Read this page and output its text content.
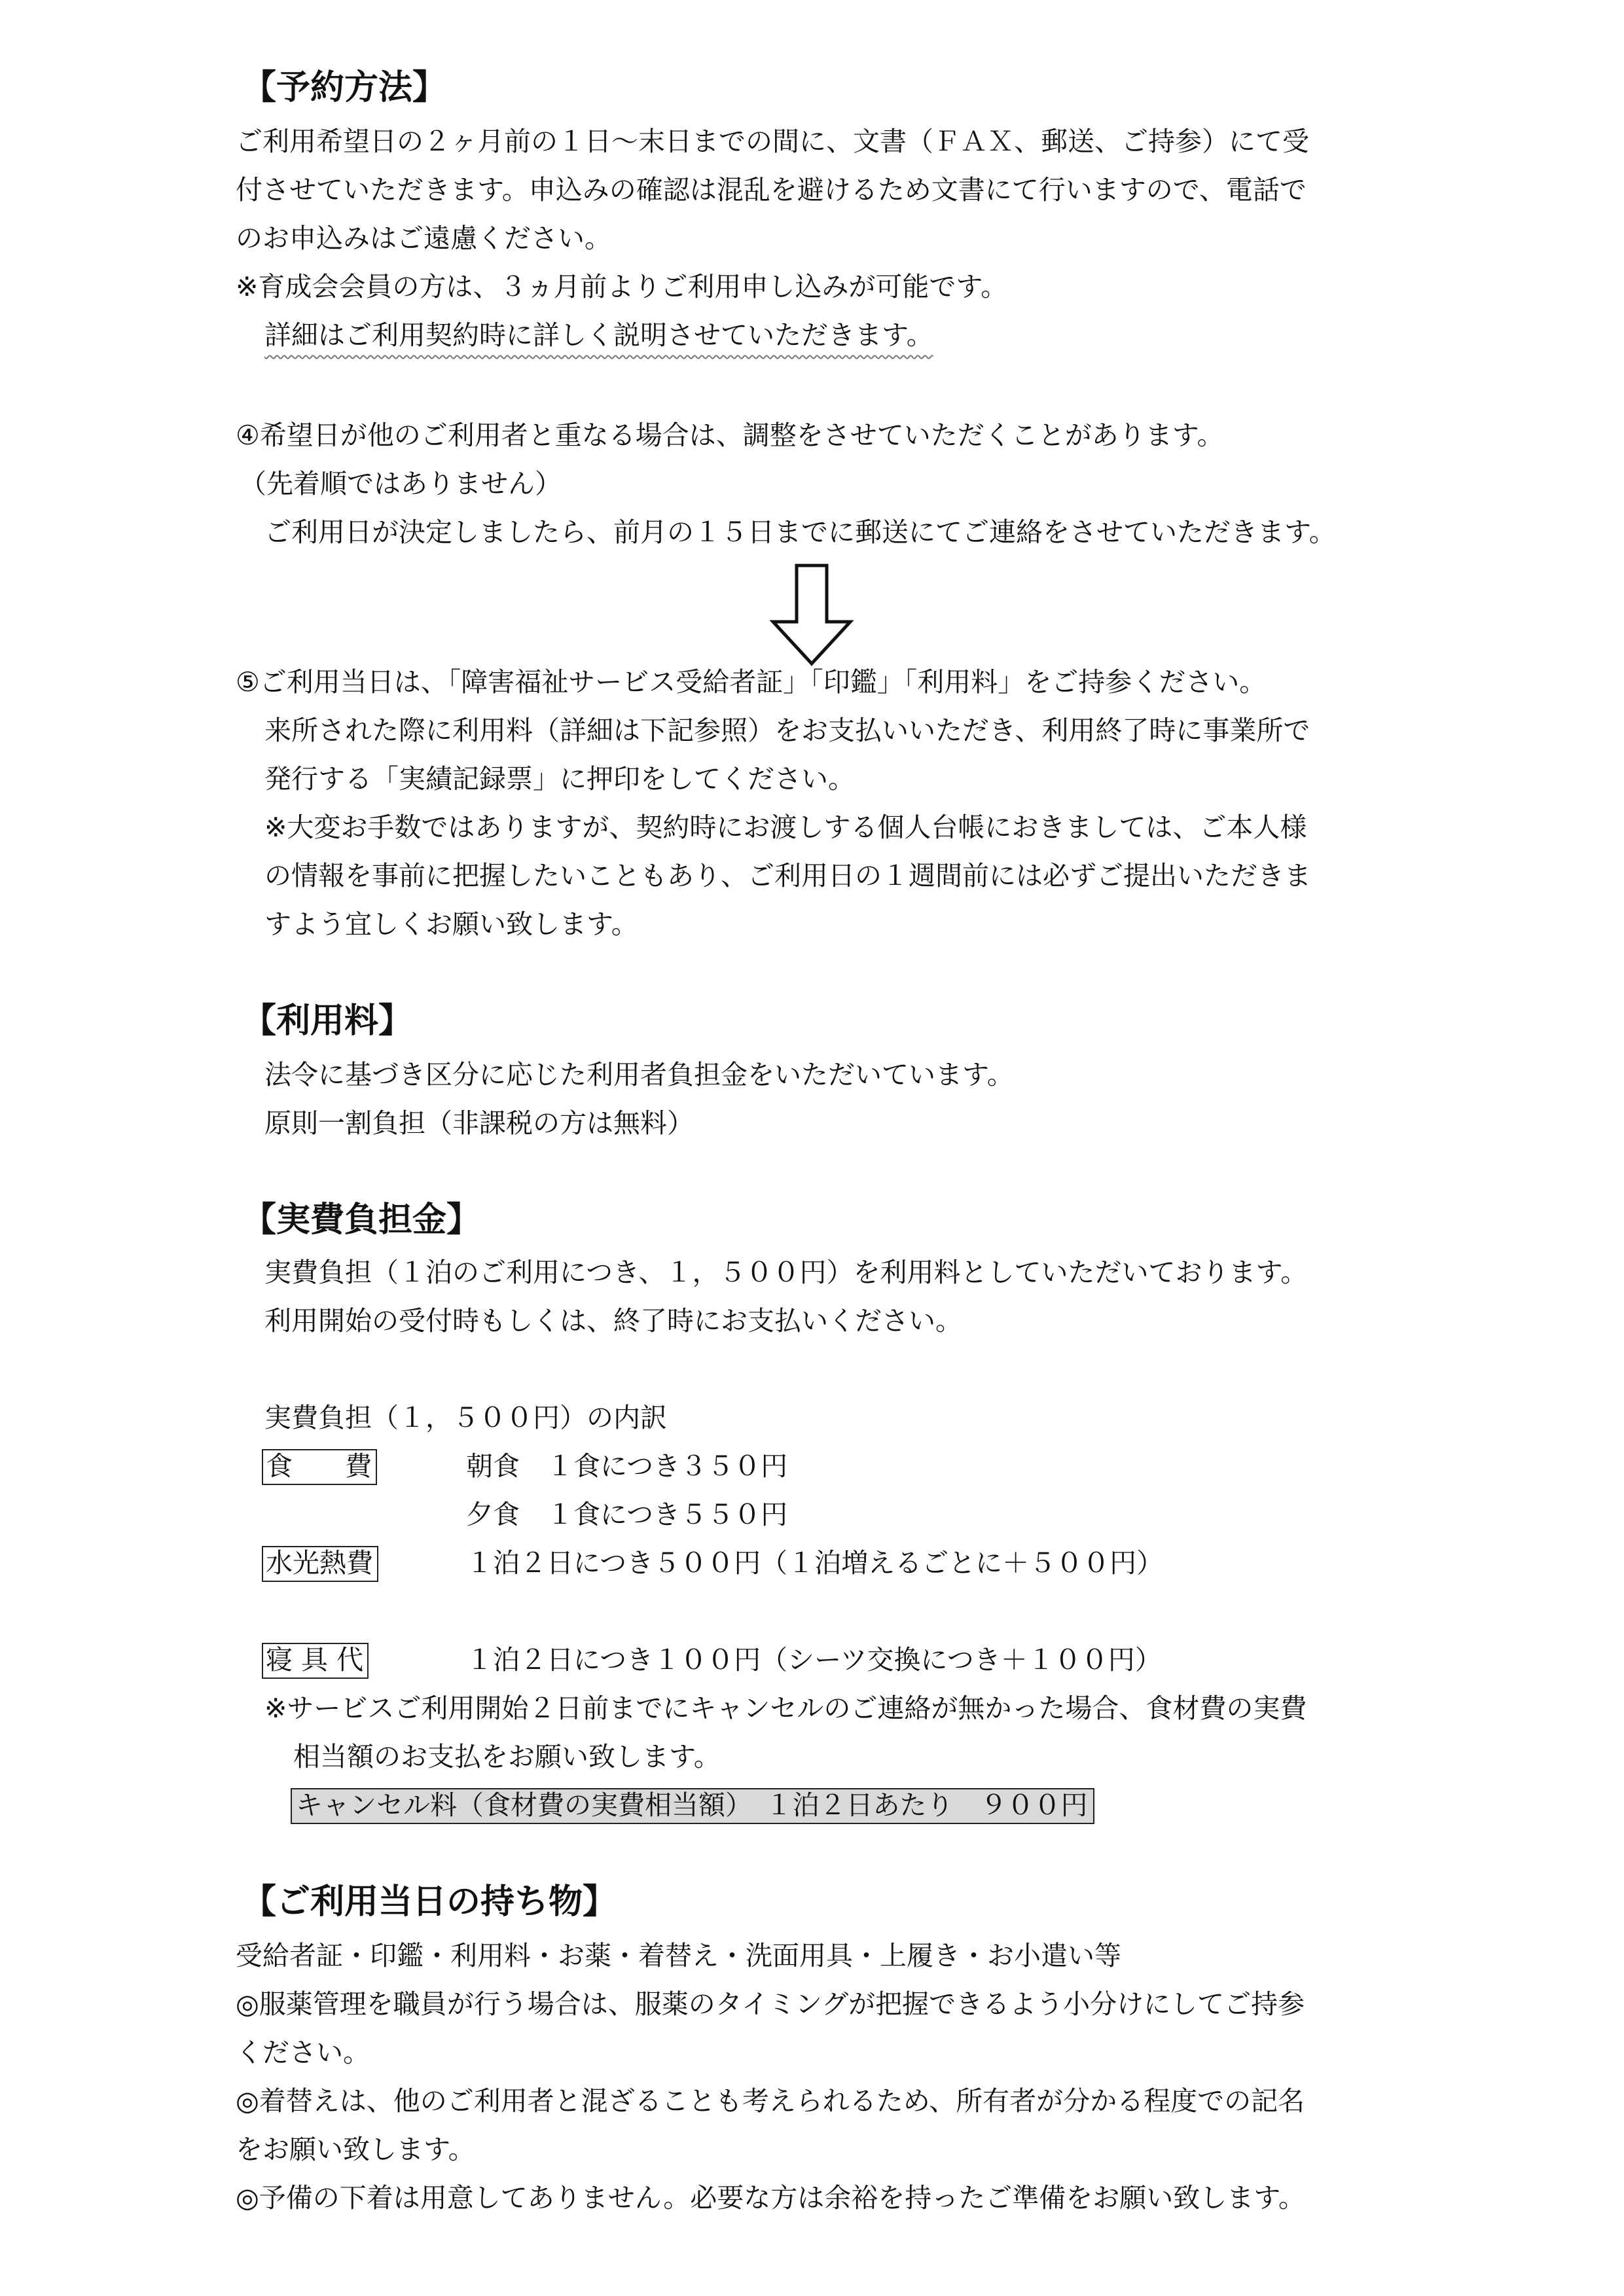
【予約方法】
ご利用希望日の２ヶ月前の１日～末日までの間に、文書（ＦＡＸ、郵送、ご持参）にて受
付させていただきます。申込みの確認は混乱を避けるため文書にて行いますので、電話で
のお申込みはご遠慮ください。
※育成会会員の方は、３ヵ月前よりご利用申し込みが可能です。
詳細はご利用契約時に詳しく説明させていただきます。
④希望日が他のご利用者と重なる場合は、調整をさせていただくことがあります。
（先着順ではありません）
ご利用日が決定しましたら、前月の１５日までに郵送にてご連絡をさせていただきます。
⑤ご利用当日は、「障害福祉サービス受給者証」「印鑑」「利用料」をご持参ください。
来所された際に利用料（詳細は下記参照）をお支払いいただき、利用終了時に事業所で
発行する「実績記録票」に押印をしてください。
※大変お手数ではありますが、契約時にお渡しする個人台帳におきましては、ご本人様
の情報を事前に把握したいこともあり、ご利用日の１週間前には必ずご提出いただきま
すよう宜しくお願い致します。
【利用料】
法令に基づき区分に応じた利用者負担金をいただいています。
原則一割負担（非課税の方は無料）
【実費負担金】
実費負担（１泊のご利用につき、１，５００円）を利用料としていただいております。
利用開始の受付時もしくは、終了時にお支払いください。
実費負担（１，５００円）の内訳
食 費	朝食　１食につき３５０円
夕食　１食につき５５０円
水光熱費	１泊２日につき５００円（１泊増えるごとに＋５００円）
寝 具 代	１泊２日につき１００円（シーツ交換につき＋１００円）
※サービスご利用開始２日前までにキャンセルのご連絡が無かった場合、食材費の実費
相当額のお支払をお願い致します。
キャンセル料（食材費の実費相当額）　１泊２日あたり　９００円
【ご利用当日の持ち物】
受給者証・印鑑・利用料・お薬・着替え・洗面用具・上履き・お小遣い等
◎服薬管理を職員が行う場合は、服薬のタイミングが把握できるよう小分けにしてご持参
ください。
◎着替えは、他のご利用者と混ざることも考えられるため、所有者が分かる程度での記名
をお願い致します。
◎予備の下着は用意してありません。必要な方は余裕を持ったご準備をお願い致します。
